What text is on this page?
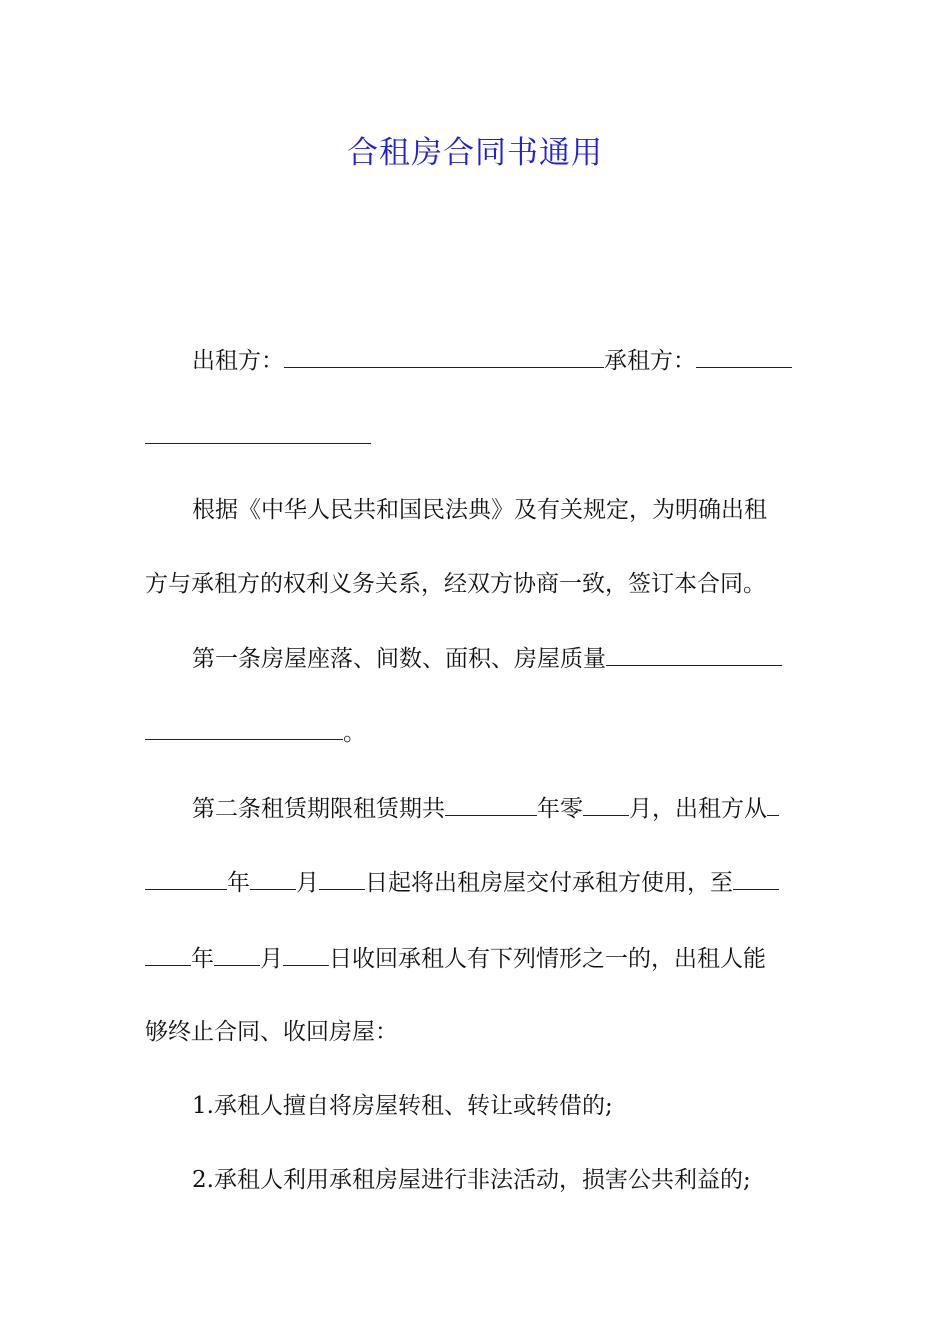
合租房合同书通用
出租方：	承租方：
根据《中华人民共和国民法典》及有关规定，为明确出租
方与承租方的权利义务关系，经双方协商一致，签订本合同。
第一条房屋座落、间数、面积、房屋质量
。
第二条租赁期限租赁期共	年零 月，出租方从
年 月 日起将出租房屋交付承租方使用，至
年 月 日收回承租人有下列情形之一的，出租人能
够终止合同、收回房屋：
1.承租人擅自将房屋转租、转让或转借的;
2.承租人利用承租房屋进行非法活动，损害公共利益的;
